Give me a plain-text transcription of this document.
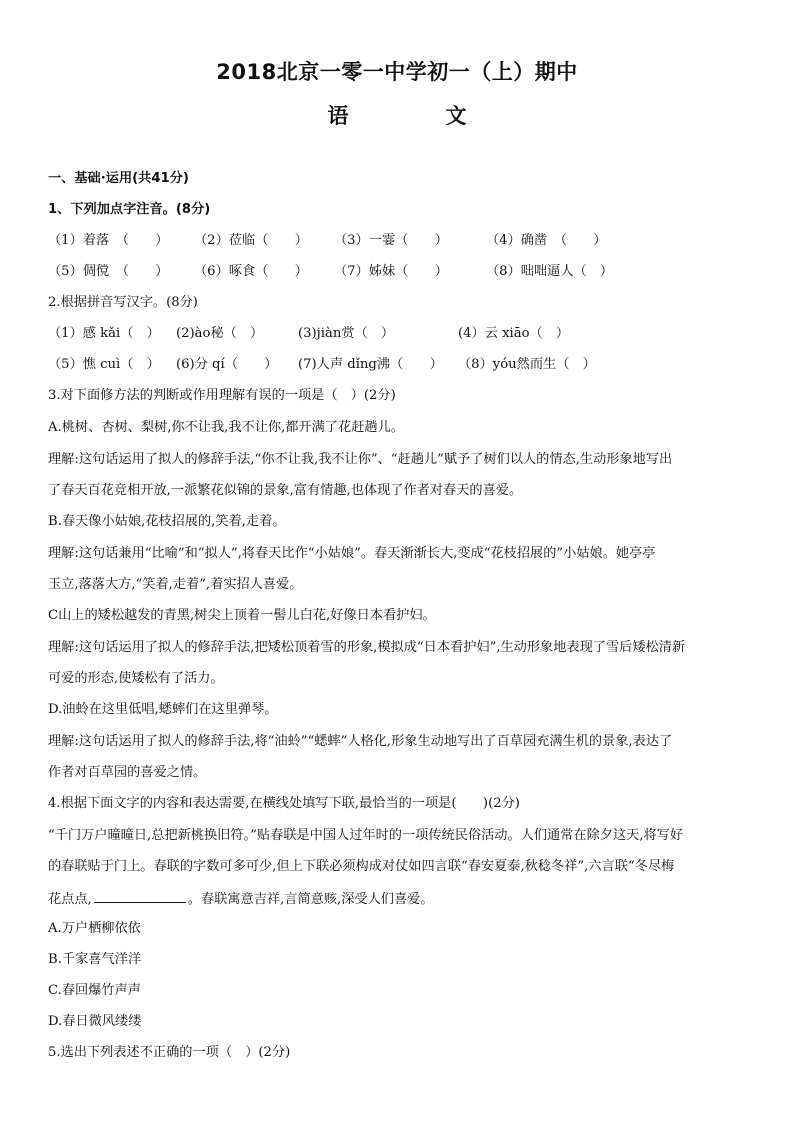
2018北京一零一中学初一（上）期中
语　文
一、基础·运用(共41分)
1、下列加点字注音。(8分)
（1）着落　（　　） （2）莅临（　　） （3）一霎（　　）	（4）确凿　（　　）
（5）倜傥　（　　） （6）啄食（　　） （7）姊妹（　　）	（8）咄咄逼人（　）
2.根据拼音写汉字。(8分)
（1）感 kǎi（　） (2)ào秘（　）	(3)jiàn赏（　）	(4）云 xiāo（　）
（5）憔 cuì（　） (6)分 qí（　　） (7)人声 dǐng沸（　　） （8）yóu然而生（　）
3.对下面修方法的判断或作用理解有误的一项是（　）(2分)
A.桃树、杏树、梨树,你不让我,我不让你,都开满了花赶趟儿。
理解:这句话运用了拟人的修辞手法,“你不让我,我不让你”、“赶趟儿”赋予了树们以人的情态,生动形象地写出
了春天百花竞相开放,一派繁花似锦的景象,富有情趣,也体现了作者对春天的喜爱。
B.春天像小姑娘,花枝招展的,笑着,走着。
理解:这句话兼用“比喻”和“拟人”,将春天比作“小姑娘”。春天渐渐长大,变成“花枝招展的”小姑娘。她亭亭
玉立,落落大方,“笑着,走着”,着实招人喜爱。
C山上的矮松越发的青黑,树尖上顶着一髻儿白花,好像日本看护妇。
理解:这句话运用了拟人的修辞手法,把矮松顶着雪的形象,模拟成“日本看护妇”,生动形象地表现了雪后矮松清新
可爱的形态,使矮松有了活力。
D.油蛉在这里低唱,蟋蟀们在这里弹琴。
理解:这句话运用了拟人的修辞手法,将“油蛉”“蟋蟀”人格化,形象生动地写出了百草园充满生机的景象,表达了
作者对百草园的喜爱之情。
4.根据下面文字的内容和表达需要,在横线处填写下联,最恰当的一项是(　　)(2分)
“千门万户曈曈日,总把新桃换旧符。”贴春联是中国人过年时的一项传统民俗活动。人们通常在除夕这天,将写好
的春联贴于门上。春联的字数可多可少,但上下联必须构成对仗如四言联“春安夏泰,秋稔冬祥”,六言联“冬尽梅
花点点,	。春联寓意吉祥,言简意赅,深受人们喜爱。
A.万户栖柳依依
B.千家喜气洋洋
C.春回爆竹声声
D.春日微风缕缕
5.选出下列表述不正确的一项（　）(2分)
